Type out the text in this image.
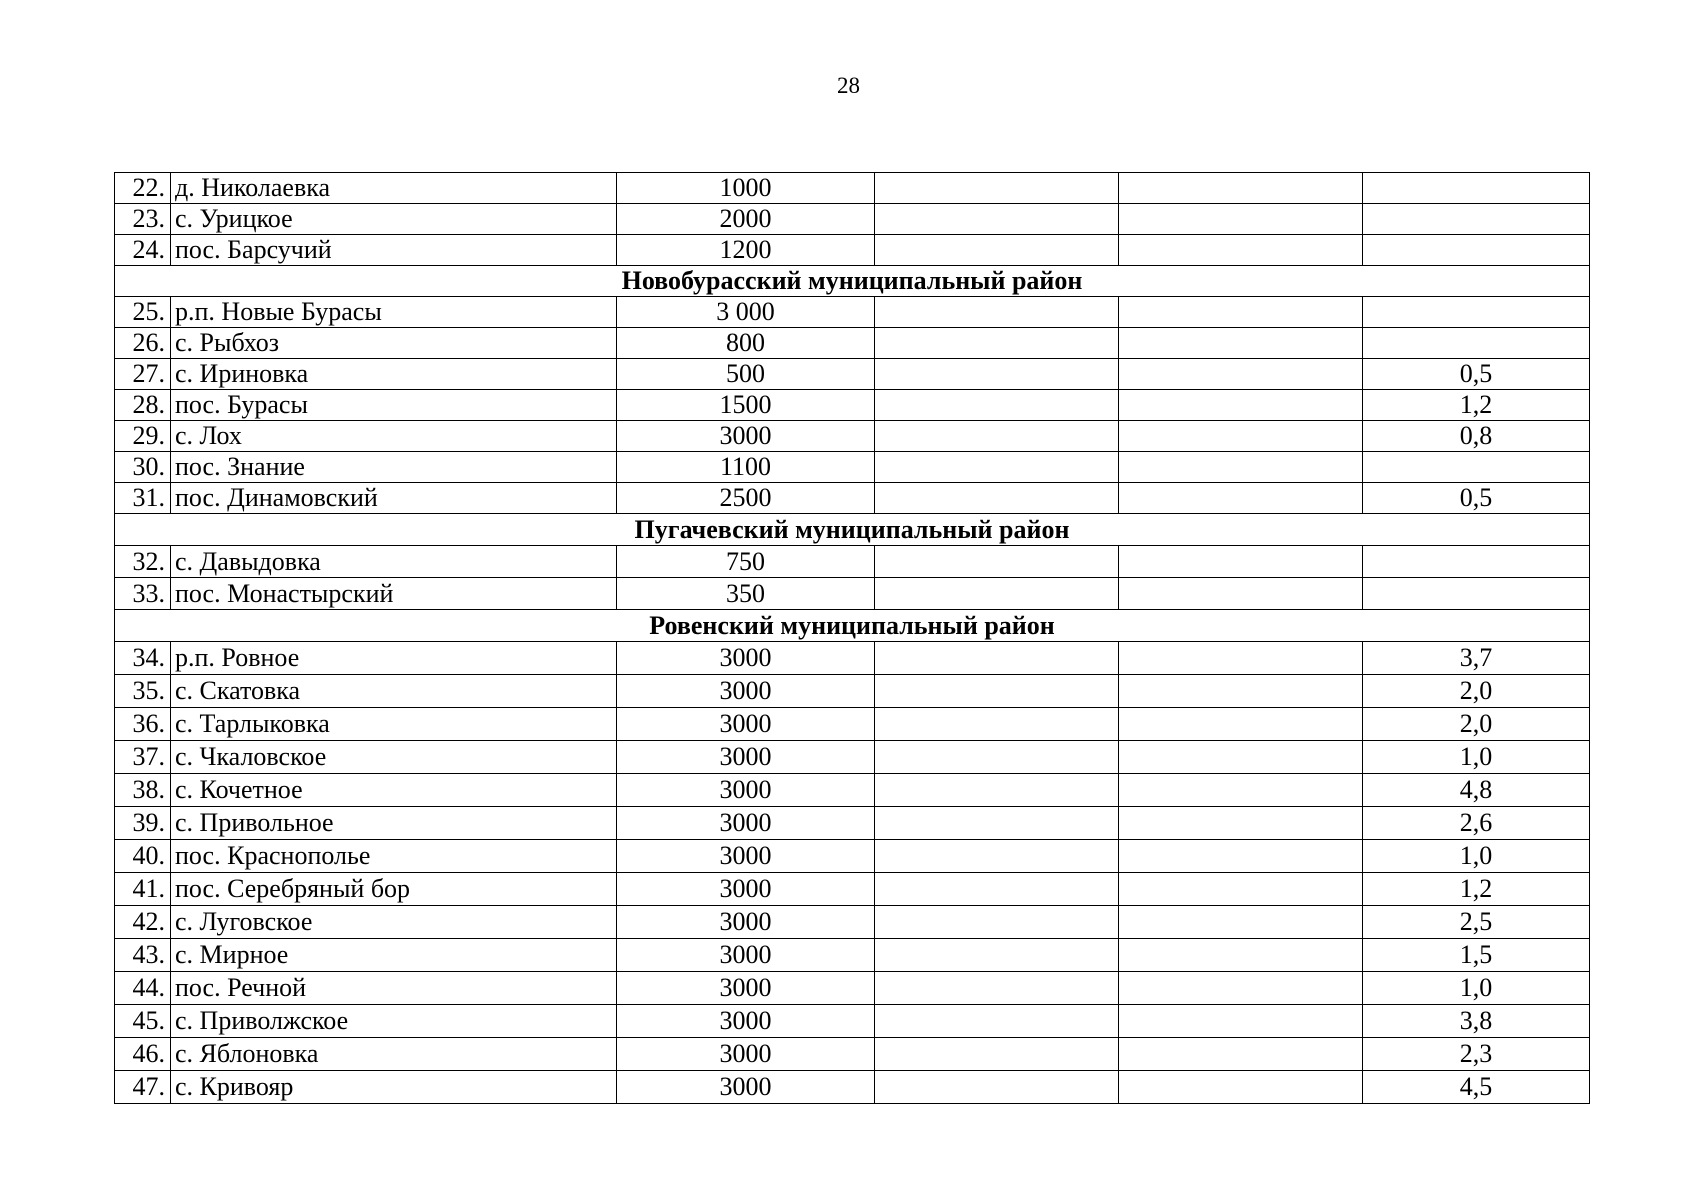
28
22.	д. Николаевка	1000			
23.	с. Урицкое	2000			
24.	пос. Барсучий	1200			
Новобурасский муниципальный район					
25.	р.п. Новые Бурасы	3 000			
26.	с. Рыбхоз	800			
27.	с. Ириновка	500			0,5
28.	пос. Бурасы	1500			1,2
29.	с. Лох	3000			0,8
30.	пос. Знание	1100			
31.	пос. Динамовский	2500			0,5
Пугачевский муниципальный район					
32.	с. Давыдовка	750			
33.	пос. Монастырский	350			
Ровенский муниципальный район					
34.	р.п. Ровное	3000			3,7
35.	с. Скатовка	3000			2,0
36.	с. Тарлыковка	3000			2,0
37.	с. Чкаловское	3000			1,0
38.	с. Кочетное	3000			4,8
39.	с. Привольное	3000			2,6
40.	пос. Краснополье	3000			1,0
41.	пос. Серебряный бор	3000			1,2
42.	с. Луговское	3000			2,5
43.	с. Мирное	3000			1,5
44.	пос. Речной	3000			1,0
45.	с. Приволжское	3000			3,8
46.	с. Яблоновка	3000			2,3
47.	с. Кривояр	3000			4,5
